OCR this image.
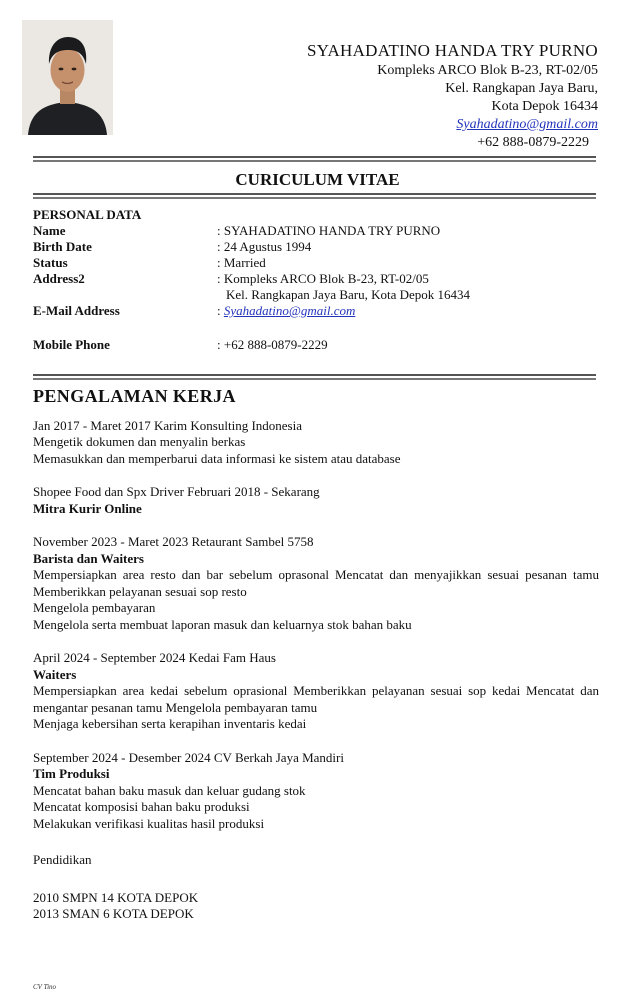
SYAHADATINO HANDA TRY PURNO
Kompleks ARCO Blok B-23, RT-02/05
Kel. Rangkapan Jaya Baru,
Kota Depok 16434
Syahadatino@gmail.com
+62 888-0879-2229
CURICULUM VITAE
PERSONAL DATA
Name	: SYAHADATINO HANDA TRY PURNO
Birth Date	: 24 Agustus 1994
Status	: Married
Address2	: Kompleks ARCO Blok B-23, RT-02/05
Kel. Rangkapan Jaya Baru, Kota Depok 16434
E-Mail Address	: Syahadatino@gmail.com
Mobile Phone	: +62 888-0879-2229
PENGALAMAN KERJA
Jan 2017 - Maret 2017 Karim Konsulting Indonesia
Mengetik dokumen dan menyalin berkas
Memasukkan dan memperbarui data informasi ke sistem atau database
Shopee Food dan Spx Driver Februari 2018 - Sekarang
Mitra Kurir Online
November 2023 - Maret 2023 Retaurant Sambel 5758
Barista dan Waiters
Mempersiapkan area resto dan bar sebelum oprasonal Mencatat dan menyajikkan sesuai pesanan tamu Memberikkan pelayanan sesuai sop resto
Mengelola pembayaran
Mengelola serta membuat laporan masuk dan keluarnya stok bahan baku
April 2024 - September 2024 Kedai Fam Haus
Waiters
Mempersiapkan area kedai sebelum oprasional Memberikkan pelayanan sesuai sop kedai Mencatat dan mengantar pesanan tamu Mengelola pembayaran tamu
Menjaga kebersihan serta kerapihan inventaris kedai
September 2024 - Desember 2024 CV Berkah Jaya Mandiri
Tim Produksi
Mencatat bahan baku masuk dan keluar gudang stok
Mencatat komposisi bahan baku produksi
Melakukan verifikasi kualitas hasil produksi
Pendidikan
2010 SMPN 14 KOTA DEPOK
2013 SMAN 6 KOTA DEPOK
CV Tino
